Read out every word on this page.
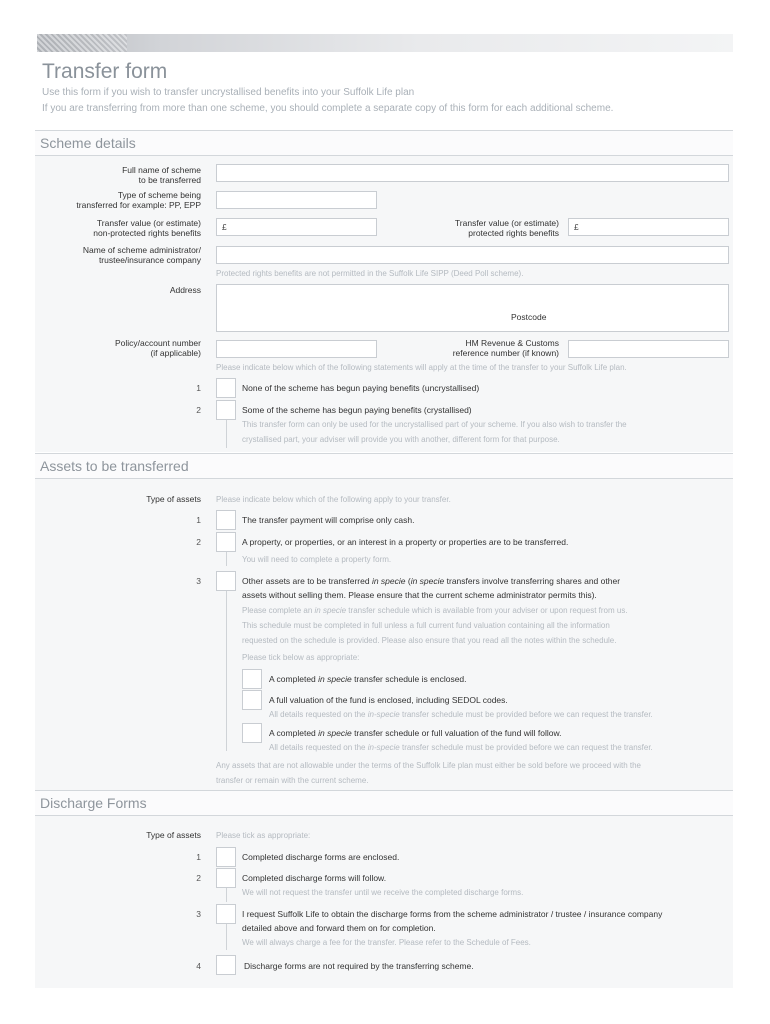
Transfer form
Use this form if you wish to transfer uncrystallised benefits into your Suffolk Life plan
If you are transferring from more than one scheme, you should complete a separate copy of this form for each additional scheme.
Scheme details
Full name of scheme
to be transferred
Type of scheme being
transferred for example: PP, EPP
Transfer value (or estimate)
non-protected rights benefits
£	Transfer value (or estimate)
protected rights benefits
£
Name of scheme administrator/
trustee/insurance company
Protected rights benefits are not permitted in the Suffolk Life SIPP (Deed Poll scheme).
Address
Postcode
Policy/account number
(if applicable)
HM Revenue & Customs
reference number (if known)
Please indicate below which of the following statements will apply at the time of the transfer to your Suffolk Life plan.
1	None of the scheme has begun paying benefits (uncrystallised)
2	Some of the scheme has begun paying benefits (crystallised)
This transfer form can only be used for the uncrystallised part of your scheme. If you also wish to transfer the
crystallised part, your adviser will provide you with another, different form for that purpose.
Assets to be transferred
Type of assets Please indicate below which of the following apply to your transfer.
1	The transfer payment will comprise only cash.
2	A property, or properties, or an interest in a property or properties are to be transferred.
You will need to complete a property form.
3	Other assets are to be transferred in specie (in specie transfers involve transferring shares and other
assets without selling them. Please ensure that the current scheme administrator permits this).
Please complete an in specie transfer schedule which is available from your adviser or upon request from us.
This schedule must be completed in full unless a full current fund valuation containing all the information
requested on the schedule is provided. Please also ensure that you read all the notes within the schedule.
Please tick below as appropriate:
A completed in specie transfer schedule is enclosed.
A full valuation of the fund is enclosed, including SEDOL codes.
All details requested on the in-specie transfer schedule must be provided before we can request the transfer.
A completed in specie transfer schedule or full valuation of the fund will follow.
All details requested on the in-specie transfer schedule must be provided before we can request the transfer.
Any assets that are not allowable under the terms of the Suffolk Life plan must either be sold before we proceed with the
transfer or remain with the current scheme.
Discharge Forms
Type of assets Please tick as appropriate:
1	Completed discharge forms are enclosed.
2	Completed discharge forms will follow.
We will not request the transfer until we receive the completed discharge forms.
3	I request Suffolk Life to obtain the discharge forms from the scheme administrator / trustee / insurance company
detailed above and forward them on for completion.
We will always charge a fee for the transfer. Please refer to the Schedule of Fees.
4	Discharge forms are not required by the transferring scheme.
